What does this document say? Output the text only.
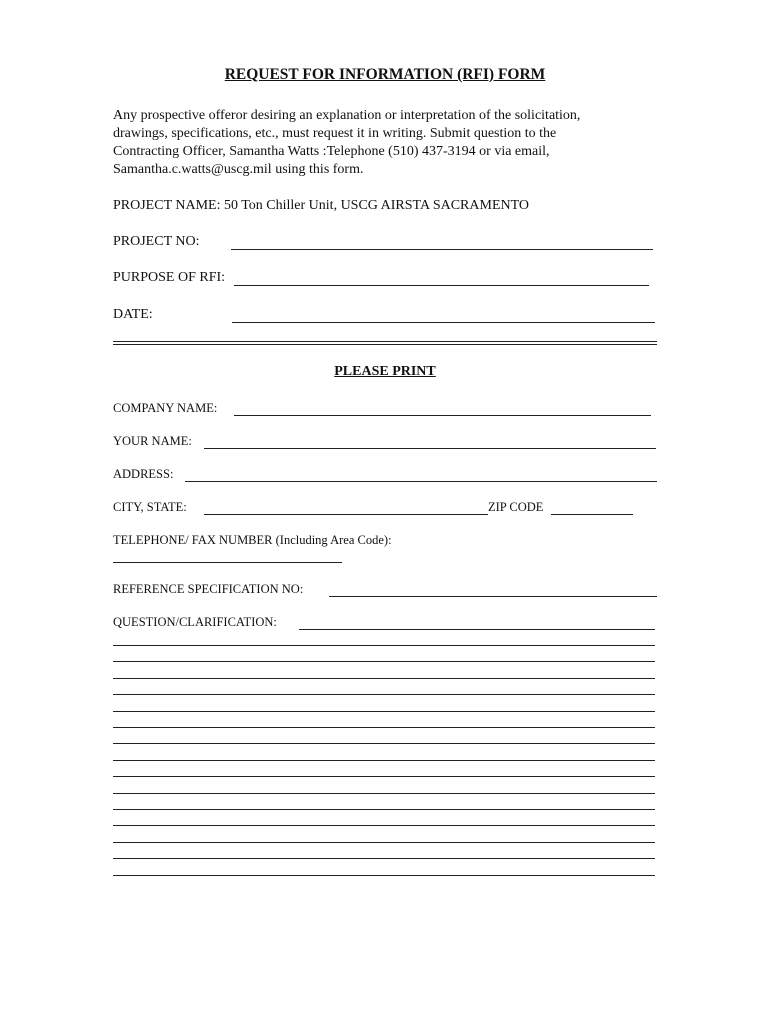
REQUEST FOR INFORMATION (RFI) FORM

Any prospective offeror desiring an explanation or interpretation of the solicitation,
drawings, specifications, etc., must request it in writing. Submit question to the
Contracting Officer, Samantha Watts :Telephone (510) 437-3194 or via email,
Samantha.c.watts@uscg.mil using this form.

PROJECT NAME: 50 Ton Chiller Unit, USCG AIRSTA SACRAMENTO
PROJECT NO:
PURPOSE OF RFI:
DATE:
PLEASE PRINT
COMPANY NAME:
YOUR NAME:
ADDRESS:
CITY, STATE:	ZIP CODE
TELEPHONE/ FAX NUMBER (Including Area Code):
REFERENCE SPECIFICATION NO:
QUESTION/CLARIFICATION:
